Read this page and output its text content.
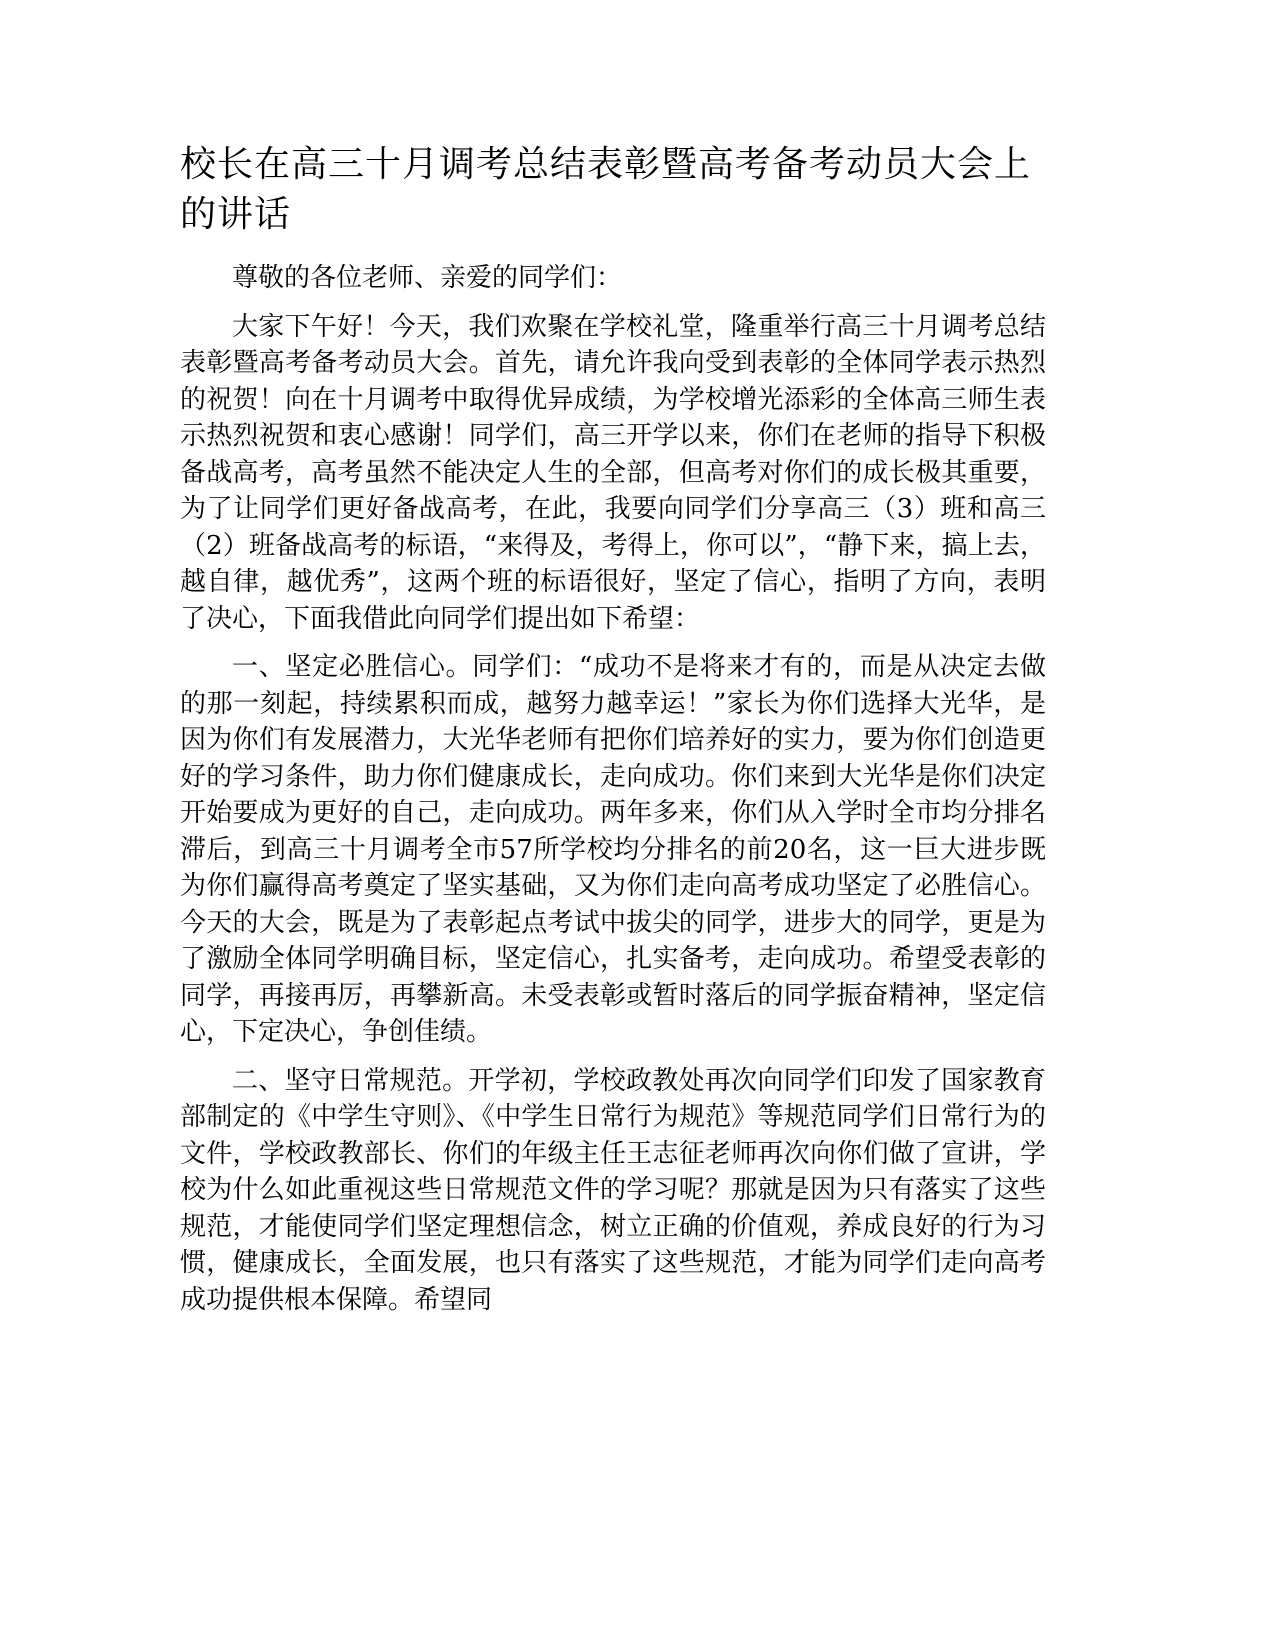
校长在高三十月调考总结表彰暨高考备考动员大会上的讲话

尊敬的各位老师、亲爱的同学们：

大家下午好！今天，我们欢聚在学校礼堂，隆重举行高三十月调考总结表彰暨高考备考动员大会。首先，请允许我向受到表彰的全体同学表示热烈的祝贺！向在十月调考中取得优异成绩，为学校增光添彩的全体高三师生表示热烈祝贺和衷心感谢！同学们，高三开学以来，你们在老师的指导下积极备战高考，高考虽然不能决定人生的全部，但高考对你们的成长极其重要，为了让同学们更好备战高考，在此，我要向同学们分享高三（3）班和高三（2）班备战高考的标语，“来得及，考得上，你可以”，“静下来，搞上去，越自律，越优秀”，这两个班的标语很好，坚定了信心，指明了方向，表明了决心，下面我借此向同学们提出如下希望：

一、坚定必胜信心。同学们：“成功不是将来才有的，而是从决定去做的那一刻起，持续累积而成，越努力越幸运！”家长为你们选择大光华，是因为你们有发展潜力，大光华老师有把你们培养好的实力，要为你们创造更好的学习条件，助力你们健康成长，走向成功。你们来到大光华是你们决定开始要成为更好的自己，走向成功。两年多来，你们从入学时全市均分排名滞后，到高三十月调考全市57所学校均分排名的前20名，这一巨大进步既为你们赢得高考奠定了坚实基础，又为你们走向高考成功坚定了必胜信心。今天的大会，既是为了表彰起点考试中拔尖的同学，进步大的同学，更是为了激励全体同学明确目标，坚定信心，扎实备考，走向成功。希望受表彰的同学，再接再厉，再攀新高。未受表彰或暂时落后的同学振奋精神，坚定信心，下定决心，争创佳绩。

二、坚守日常规范。开学初，学校政教处再次向同学们印发了国家教育部制定的《中学生守则》、《中学生日常行为规范》等规范同学们日常行为的文件，学校政教部长、你们的年级主任王志征老师再次向你们做了宣讲，学校为什么如此重视这些日常规范文件的学习呢？那就是因为只有落实了这些规范，才能使同学们坚定理想信念，树立正确的价值观，养成良好的行为习惯，健康成长，全面发展，也只有落实了这些规范，才能为同学们走向高考成功提供根本保障。希望同
